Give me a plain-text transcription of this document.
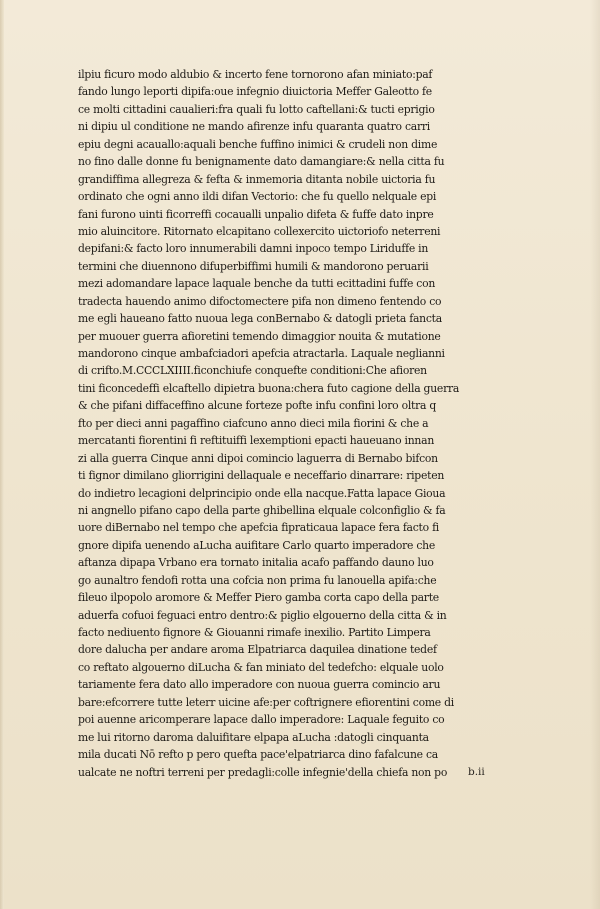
ilpiu ficuro modo aldubio & incerto fene tornorono afan miniato:paf
fando lungo leporti dipifa:oue infegnio diuictoria Meffer Galeotto fe
ce molti cittadini caualieri:fra quali fu lotto caftellani:& tucti eprigio
ni dipiu ul conditione ne mando afirenze infu quaranta quatro carri
epiu degni acauallo:aquali benche fuffino inimici & crudeli non dime
no fino dalle donne fu benignamente dato damangiare:& nella citta fu
grandiffima allegreza & fefta & inmemoria ditanta nobile uictoria fu
ordinato che ogni anno ildi difan Vectorio: che fu quello nelquale epi
fani furono uinti ficorreffi cocaualli unpalio difeta & fuffe dato inpre
mio aluincitore. Ritornato elcapitano collexercito uictoriofo neterreni
depifani:& facto loro innumerabili damni inpoco tempo Liriduffe in
termini che diuennono difuperbiffimi humili & mandorono peruarii
mezi adomandare lapace laquale benche da tutti ecittadini fuffe con
tradecta hauendo animo difoctomectere pifa non dimeno fentendo co
me egli haueano fatto nuoua lega conBernabo & datogli prieta fancta
per muouer guerra afioretini temendo dimaggior nouita & mutatione
mandorono cinque ambafciadori apefcia atractarla. Laquale neglianni
di crifto.M.CCCLXIIII.ficonchiufe conquefte conditioni:Che afioren
tini ficoncedeffi elcaftello dipietra buona:chera futo cagione della guerra
& che pifani diffaceffino alcune forteze pofte infu confini loro oltra q
fto per dieci anni pagaffino ciafcuno anno dieci mila fiorini & che a
mercatanti fiorentini fi reftituiffi lexemptioni epacti haueuano innan
zi alla guerra Cinque anni dipoi comincio laguerra di Bernabo bifcon
ti fignor dimilano gliorrigini dellaquale e neceffario dinarrare: ripeten
do indietro lecagioni delprincipio onde ella nacque.Fatta lapace Gioua
ni angnello pifano capo della parte ghibellina elquale colconfiglio & fa
uore diBernabo nel tempo che apefcia fipraticaua lapace fera facto fi
gnore dipifa uenendo aLucha auifitare Carlo quarto imperadore che
aftanza dipapa Vrbano era tornato initalia acafo paffando dauno luo
go aunaltro fendofi rotta una cofcia non prima fu lanouella apifa:che
fileuo ilpopolo aromore & Meffer Piero gamba corta capo della parte
aduerfa cofuoi feguaci entro dentro:& piglio elgouerno della citta & in
facto nediuento fignore & Giouanni rimafe inexilio. Partito Limpera
dore dalucha per andare aroma Elpatriarca daquilea dinatione tedef
co reftato algouerno diLucha & fan miniato del tedefcho: elquale uolo
tariamente fera dato allo imperadore con nuoua guerra comincio aru
bare:efcorrere tutte leterr uicine afe:per coftrignere efiorentini come di
poi auenne aricomperare lapace dallo imperadore: Laquale feguito co
me lui ritorno daroma daluifitare elpapa aLucha :datogli cinquanta
mila ducati Nō refto p pero quefta pace'elpatriarca dino fafalcune ca
ualcate ne noftri terreni per predagli:colle infegnie'della chiefa non po	b.ii
